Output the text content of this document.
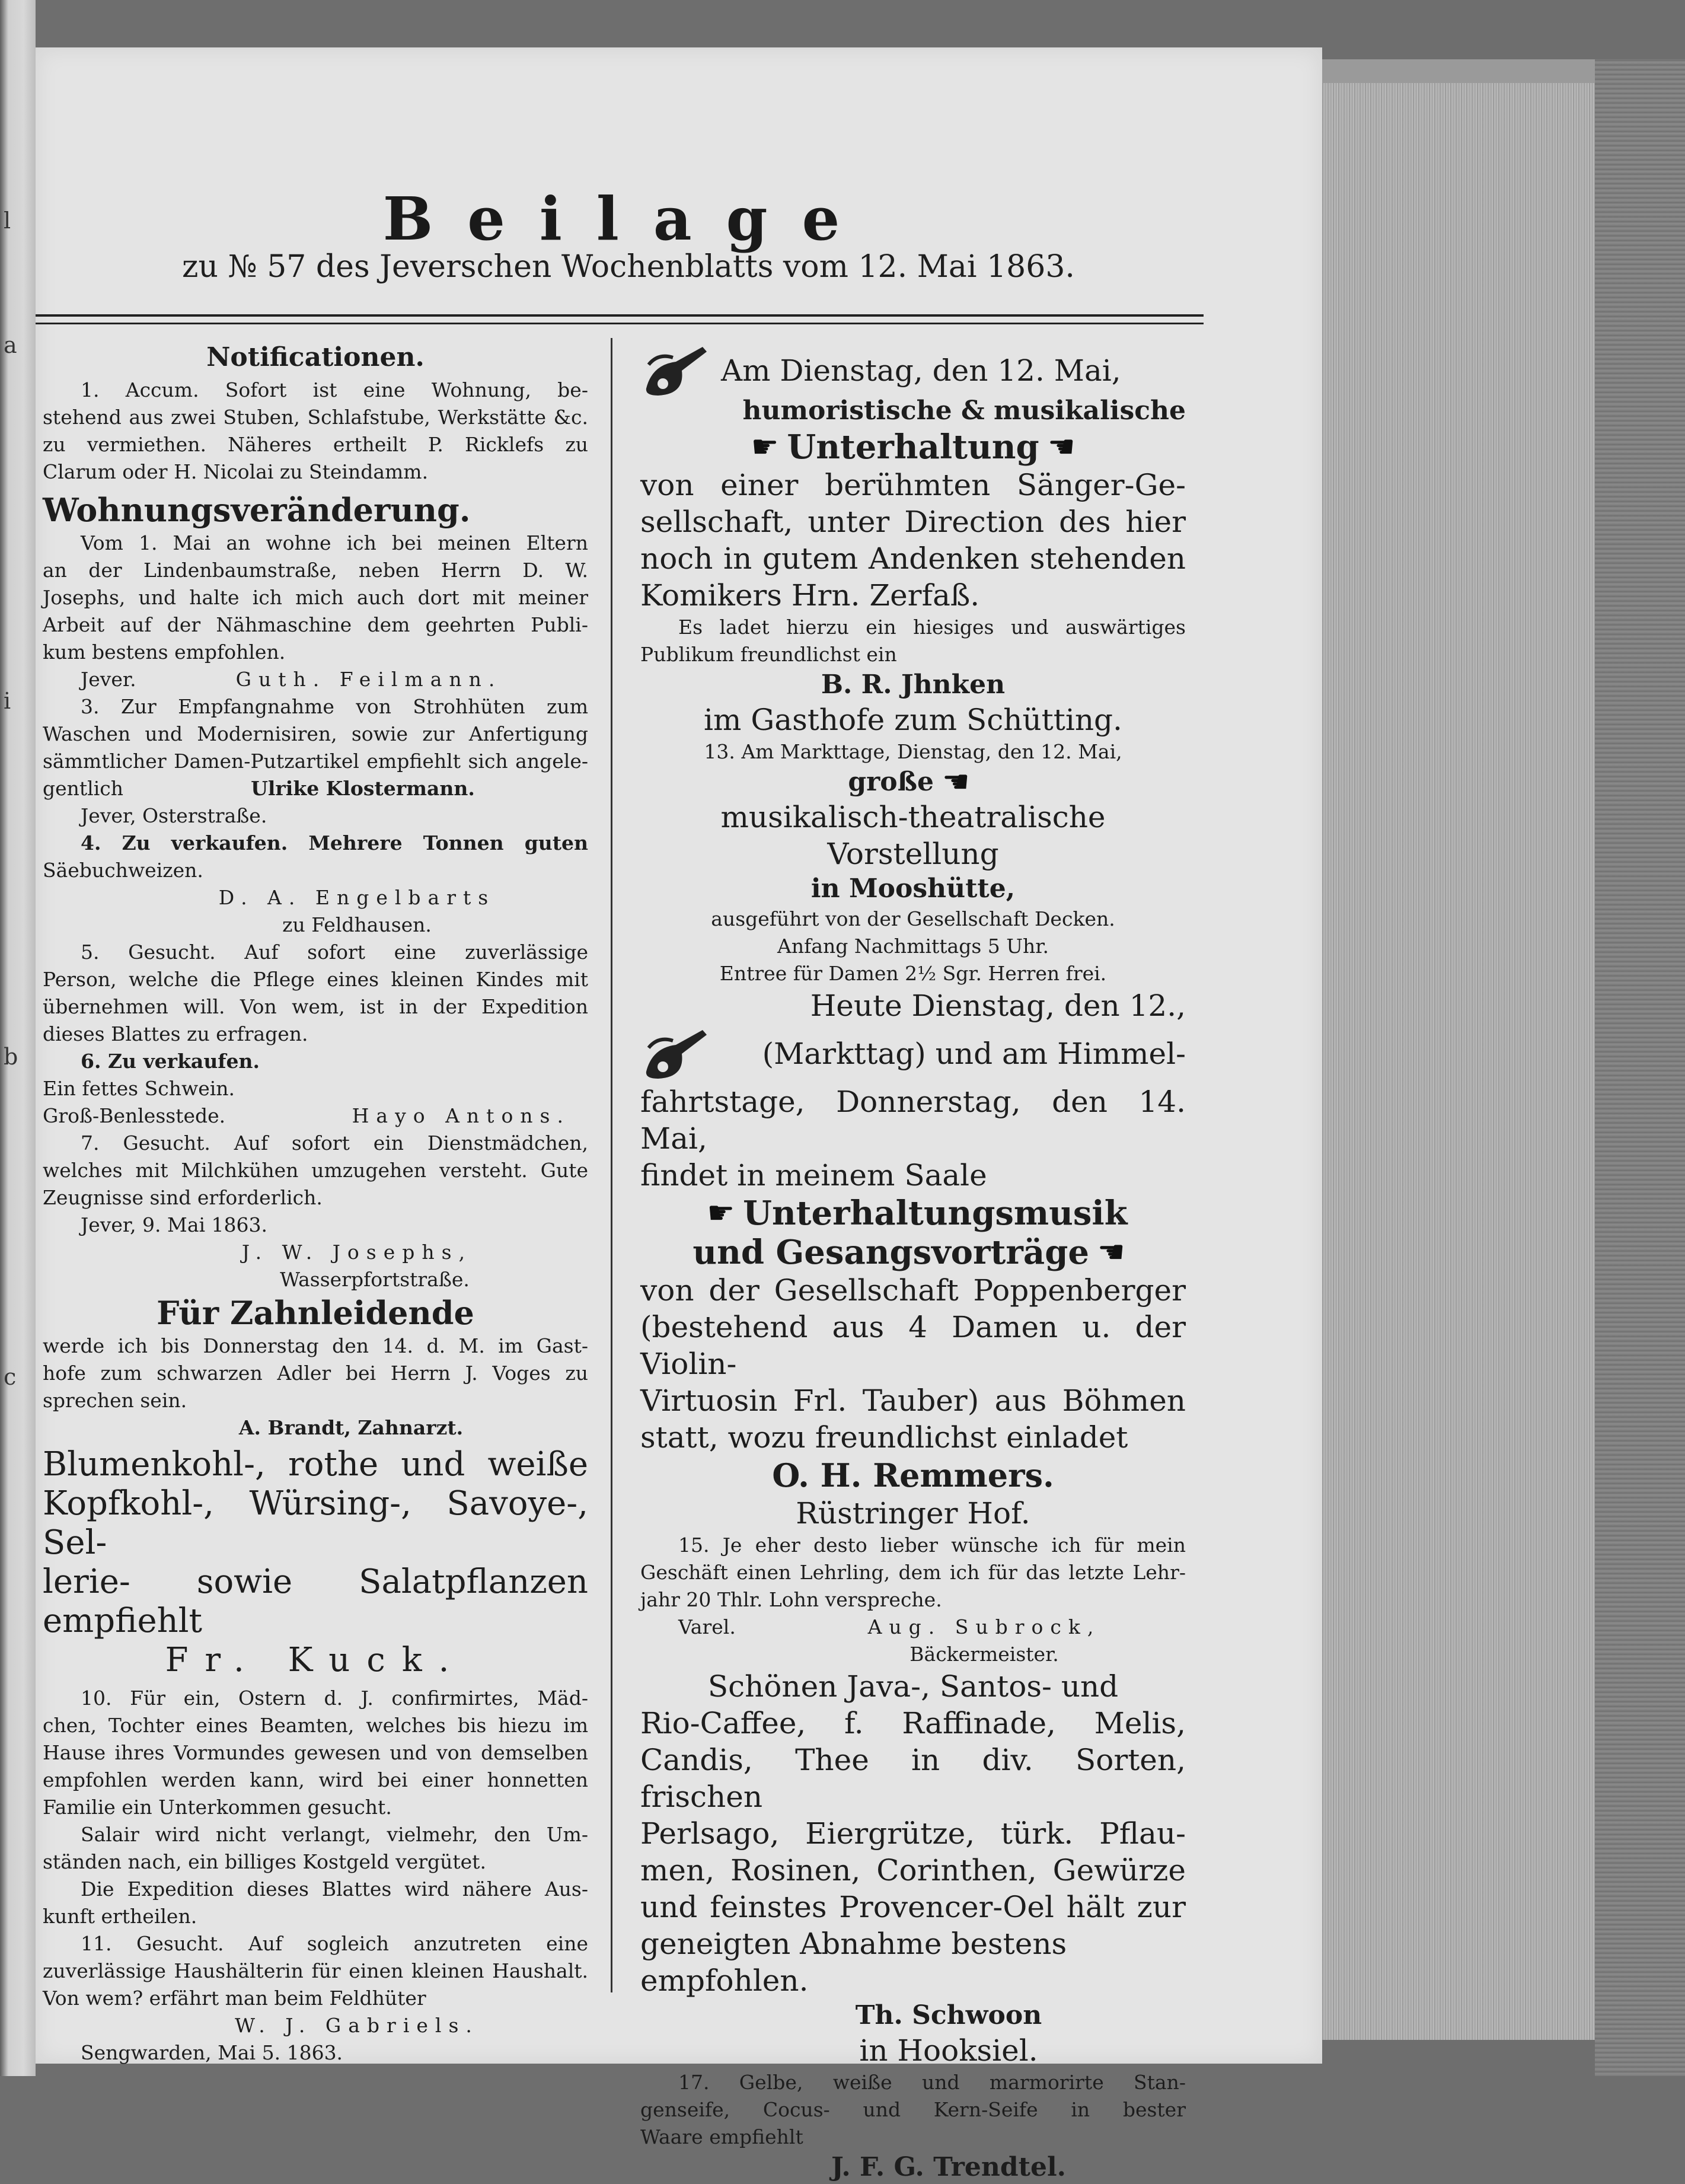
l
a
i
b
c
Beilage
zu № 57 des Jeverschen Wochenblatts vom 12. Mai 1863.

Notificationen.

1. Accum. Sofort ist eine Wohnung, be-

stehend aus zwei Stuben, Schlafstube, Werkstätte &c.

zu vermiethen. Näheres ertheilt P. Ricklefs zu

Clarum oder H. Nicolai zu Steindamm.

Wohnungsveränderung.

Vom 1. Mai an wohne ich bei meinen Eltern

an der Lindenbaumstraße, neben Herrn D. W.

Josephs, und halte ich mich auch dort mit meiner

Arbeit auf der Nähmaschine dem geehrten Publi-

kum bestens empfohlen.

Jever.	Guth. Feilmann.

3. Zur Empfangnahme von Strohhüten zum

Waschen und Modernisiren, sowie zur Anfertigung

sämmtlicher Damen-Putzartikel empfiehlt sich angele-

gentlich	Ulrike Klostermann.

Jever, Osterstraße.

4. Zu verkaufen. Mehrere Tonnen guten

Säebuchweizen.

D. A. Engelbarts

zu Feldhausen.

5. Gesucht. Auf sofort eine zuverlässige

Person, welche die Pflege eines kleinen Kindes mit

übernehmen will. Von wem, ist in der Expedition

dieses Blattes zu erfragen.

6. Zu verkaufen.

Ein fettes Schwein.

Groß-Benlesstede.	Hayo Antons.

7. Gesucht. Auf sofort ein Dienstmädchen,

welches mit Milchkühen umzugehen versteht. Gute

Zeugnisse sind erforderlich.

Jever, 9. Mai 1863.

J. W. Josephs,

Wasserpfortstraße.

Für Zahnleidende

werde ich bis Donnerstag den 14. d. M. im Gast-

hofe zum schwarzen Adler bei Herrn J. Voges zu

sprechen sein.

A. Brandt, Zahnarzt.

Blumenkohl-, rothe und weiße

Kopfkohl-, Würsing-, Savoye-, Sel-

lerie- sowie Salatpflanzen empfiehlt

Fr. Kuck.

10. Für ein, Ostern d. J. confirmirtes, Mäd-

chen, Tochter eines Beamten, welches bis hiezu im

Hause ihres Vormundes gewesen und von demselben

empfohlen werden kann, wird bei einer honnetten

Familie ein Unterkommen gesucht.

Salair wird nicht verlangt, vielmehr, den Um-

ständen nach, ein billiges Kostgeld vergütet.

Die Expedition dieses Blattes wird nähere Aus-

kunft ertheilen.

11. Gesucht. Auf sogleich anzutreten eine

zuverlässige Haushälterin für einen kleinen Haushalt.

Von wem? erfährt man beim Feldhüter

W. J. Gabriels.

Sengwarden, Mai 5. 1863.

Am Dienstag, den 12. Mai,

humoristische & musikalische

☛ Unterhaltung ☛

von einer berühmten Sänger-Ge-

sellschaft, unter Direction des hier

noch in gutem Andenken stehenden

Komikers Hrn. Zerfaß.

Es ladet hierzu ein hiesiges und auswärtiges

Publikum freundlichst ein

B. R. Jhnken

im Gasthofe zum Schütting.

13. Am Markttage, Dienstag, den 12. Mai,

große ☛

musikalisch-theatralische Vorstellung

in Mooshütte,

ausgeführt von der Gesellschaft Decken.

Anfang Nachmittags 5 Uhr.

Entree für Damen 2½ Sgr. Herren frei.

Heute Dienstag, den 12.,

(Markttag) und am Himmel-

fahrtstage, Donnerstag, den 14. Mai,

findet in meinem Saale

☛ Unterhaltungsmusik
und Gesangsvorträge ☛

von der Gesellschaft Poppenberger

(bestehend aus 4 Damen u. der Violin-

Virtuosin Frl. Tauber) aus Böhmen

statt, wozu freundlichst einladet

O. H. Remmers.

Rüstringer Hof.

15. Je eher desto lieber wünsche ich für mein

Geschäft einen Lehrling, dem ich für das letzte Lehr-

jahr 20 Thlr. Lohn verspreche.

Varel.	Aug. Subrock,

Bäckermeister.

Schönen Java-, Santos- und

Rio-Caffee, f. Raffinade, Melis,

Candis, Thee in div. Sorten, frischen

Perlsago, Eiergrütze, türk. Pflau-

men, Rosinen, Corinthen, Gewürze

und feinstes Provencer-Oel hält zur

geneigten Abnahme bestens empfohlen.

Th. Schwoon

in Hooksiel.

17. Gelbe, weiße und marmorirte Stan-

genseife, Cocus- und Kern-Seife in bester

Waare empfiehlt

J. F. G. Trendtel.
